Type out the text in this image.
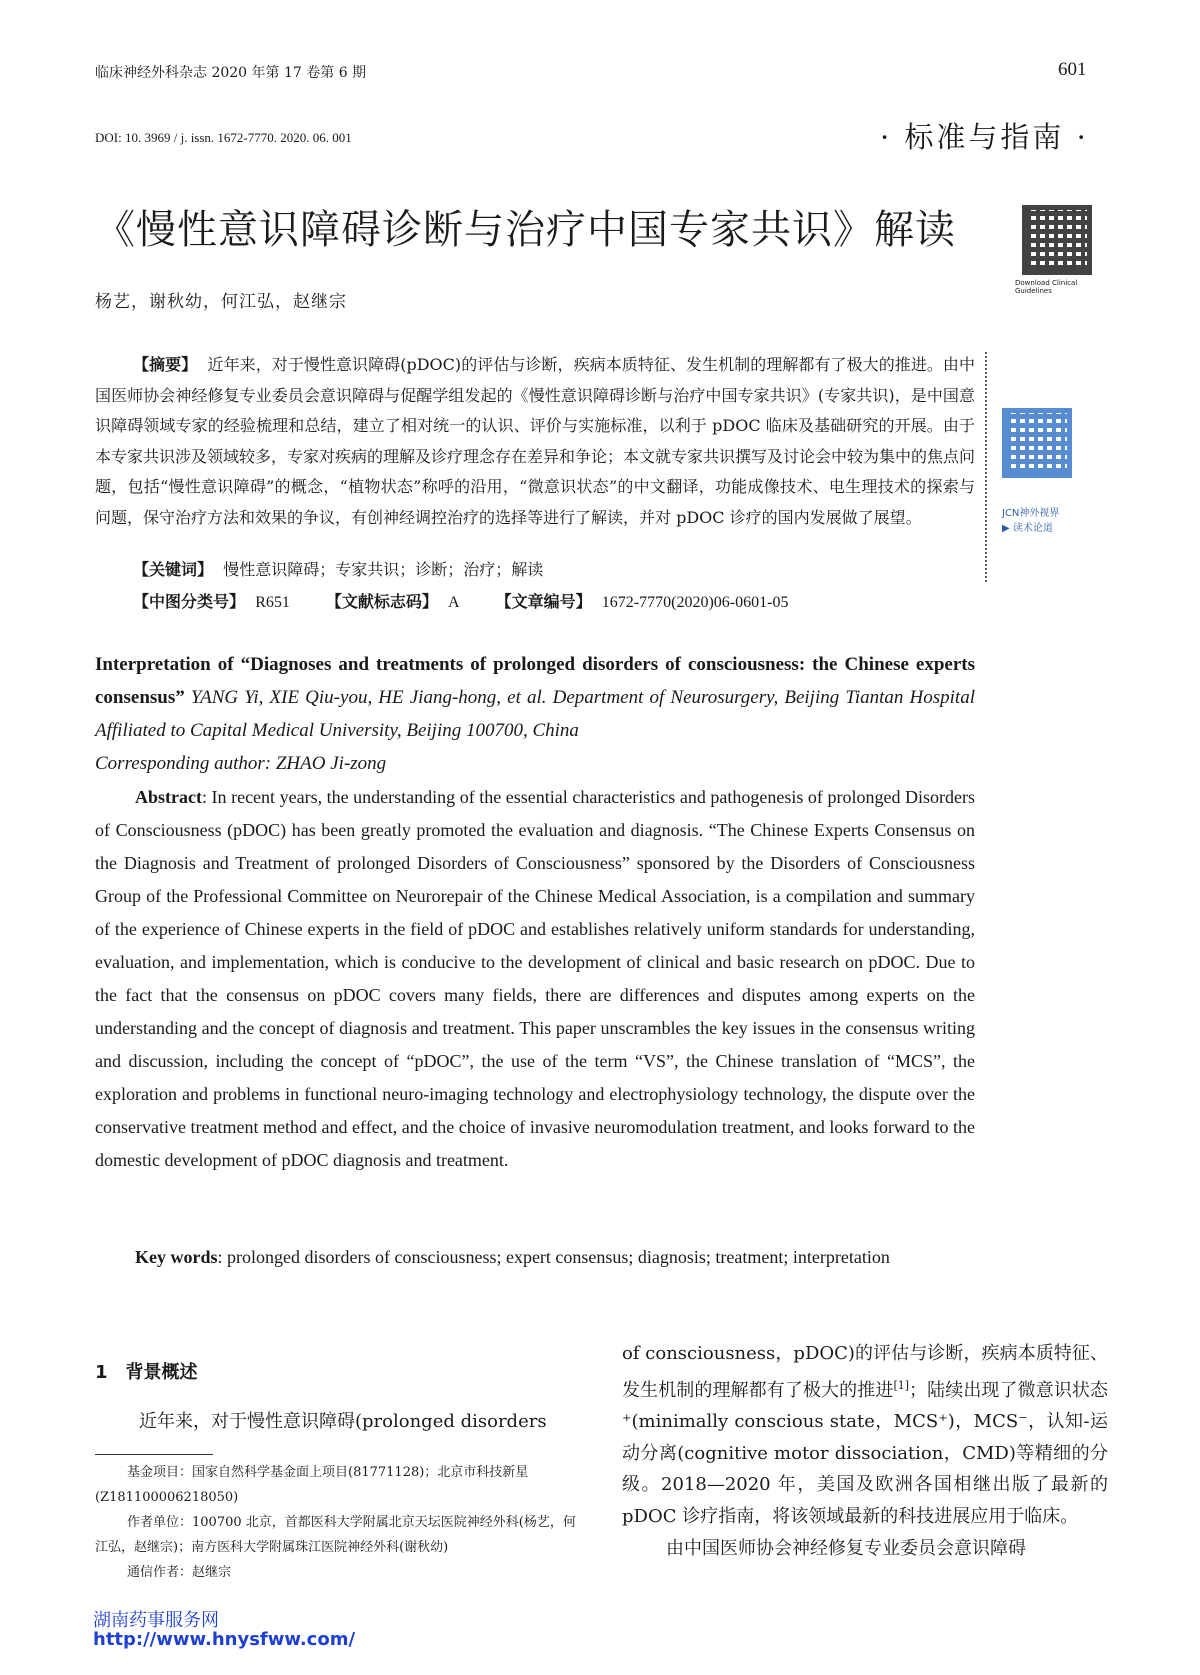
临床神经外科杂志 2020 年第 17 卷第 6 期	601
DOI: 10. 3969 / j. issn. 1672-7770. 2020. 06. 001	· 标准与指南 ·
《慢性意识障碍诊断与治疗中国专家共识》解读
杨艺，谢秋幼，何江弘，赵继宗
Download Clinical Guidelines
JCN神外视界
▶ 读术论道
【摘要】 近年来，对于慢性意识障碍(pDOC)的评估与诊断，疾病本质特征、发生机制的理解都有了极大的推进。由中国医师协会神经修复专业委员会意识障碍与促醒学组发起的《慢性意识障碍诊断与治疗中国专家共识》(专家共识)，是中国意识障碍领域专家的经验梳理和总结，建立了相对统一的认识、评价与实施标准，以利于 pDOC 临床及基础研究的开展。由于本专家共识涉及领域较多，专家对疾病的理解及诊疗理念存在差异和争论；本文就专家共识撰写及讨论会中较为集中的焦点问题，包括“慢性意识障碍”的概念，“植物状态”称呼的沿用，“微意识状态”的中文翻译，功能成像技术、电生理技术的探索与问题，保守治疗方法和效果的争议，有创神经调控治疗的选择等进行了解读，并对 pDOC 诊疗的国内发展做了展望。
【关键词】 慢性意识障碍；专家共识；诊断；治疗；解读
【中图分类号】 R651 【文献标志码】 A 【文章编号】 1672-7770(2020)06-0601-05
Interpretation of “Diagnoses and treatments of prolonged disorders of consciousness: the Chinese experts consensus” YANG Yi, XIE Qiu-you, HE Jiang-hong, et al. Department of Neurosurgery, Beijing Tiantan Hospital Affiliated to Capital Medical University, Beijing 100700, China
Corresponding author: ZHAO Ji-zong
Abstract: In recent years, the understanding of the essential characteristics and pathogenesis of prolonged Disorders of Consciousness (pDOC) has been greatly promoted the evaluation and diagnosis. “The Chinese Experts Consensus on the Diagnosis and Treatment of prolonged Disorders of Consciousness” sponsored by the Disorders of Consciousness Group of the Professional Committee on Neurorepair of the Chinese Medical Association, is a compilation and summary of the experience of Chinese experts in the field of pDOC and establishes relatively uniform standards for understanding, evaluation, and implementation, which is conducive to the development of clinical and basic research on pDOC. Due to the fact that the consensus on pDOC covers many fields, there are differences and disputes among experts on the understanding and the concept of diagnosis and treatment. This paper unscrambles the key issues in the consensus writing and discussion, including the concept of “pDOC”, the use of the term “VS”, the Chinese translation of “MCS”, the exploration and problems in functional neuro-imaging technology and electrophysiology technology, the dispute over the conservative treatment method and effect, and the choice of invasive neuromodulation treatment, and looks forward to the domestic development of pDOC diagnosis and treatment.
Key words: prolonged disorders of consciousness; expert consensus; diagnosis; treatment; interpretation
1　背景概述
近年来，对于慢性意识障碍(prolonged disorders
基金项目：国家自然科学基金面上项目(81771128)；北京市科技新星(Z181100006218050)
作者单位：100700 北京，首都医科大学附属北京天坛医院神经外科(杨艺，何江弘，赵继宗)；南方医科大学附属珠江医院神经外科(谢秋幼)
通信作者：赵继宗
of consciousness，pDOC)的评估与诊断，疾病本质特征、发生机制的理解都有了极大的推进[1]；陆续出现了微意识状态⁺(minimally conscious state，MCS⁺)，MCS⁻，认知-运动分离(cognitive motor dissociation，CMD)等精细的分级。2018—2020 年，美国及欧洲各国相继出版了最新的 pDOC 诊疗指南，将该领域最新的科技进展应用于临床。
由中国医师协会神经修复专业委员会意识障碍
湖南药事服务网
http://www.hnysfww.com/
